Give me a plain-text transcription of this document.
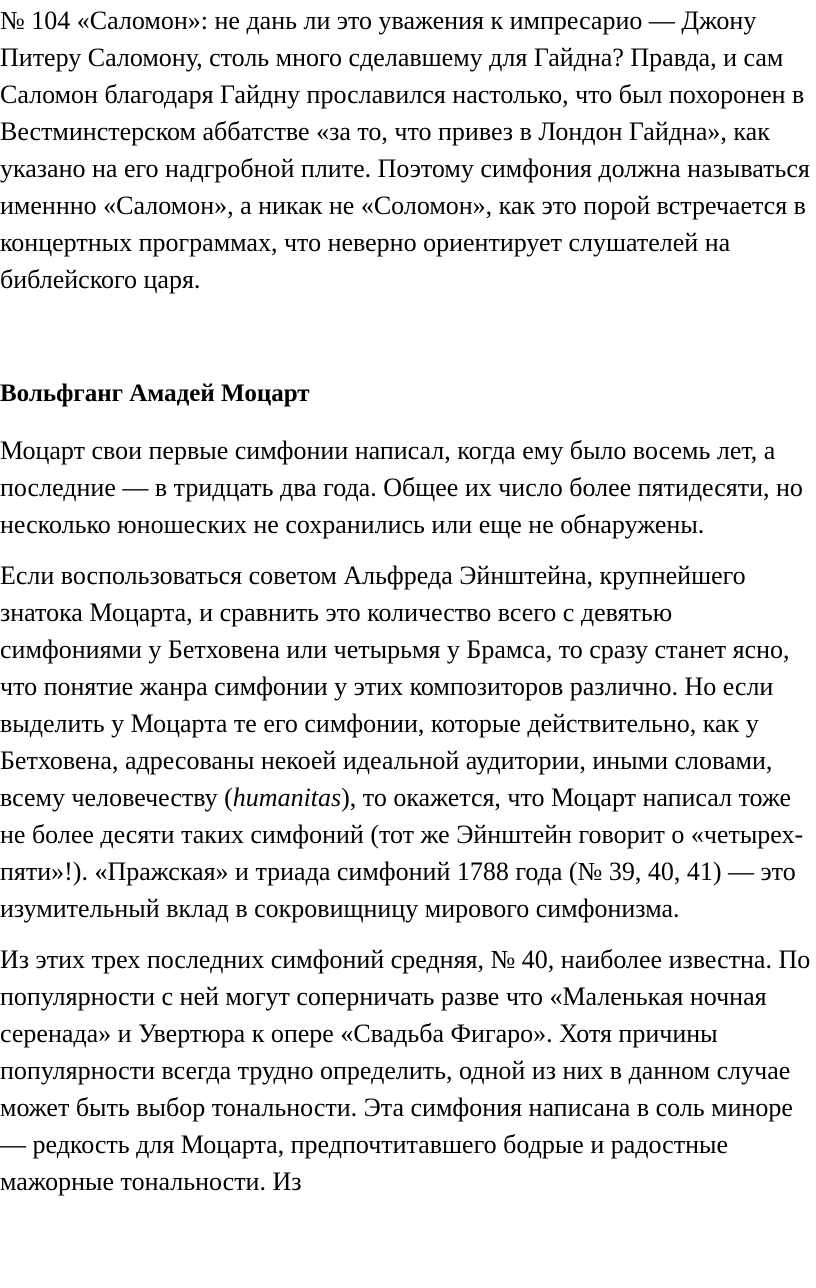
№ 104 «Саломон»: не дань ли это уважения к импресарио — Джону Питеру Саломону, столь много сделавшему для Гайдна? Правда, и сам Саломон благодаря Гайдну прославился настолько, что был похоронен в Вестминстерском аббатстве «за то, что привез в Лондон Гайдна», как указано на его надгробной плите. Поэтому симфония должна называться именнно «Саломон», а никак не «Соломон», как это порой встречается в концертных программах, что неверно ориентирует слушателей на библейского царя.

Вольфганг Амадей Моцарт

Моцарт свои первые симфонии написал, когда ему было восемь лет, а последние — в тридцать два года. Общее их число более пятидесяти, но несколько юношеских не сохранились или еще не обнаружены.

Если воспользоваться советом Альфреда Эйнштейна, крупнейшего знатока Моцарта, и сравнить это количество всего с девятью симфониями у Бетховена или четырьмя у Брамса, то сразу станет ясно, что понятие жанра симфонии у этих композиторов различно. Но если выделить у Моцарта те его симфонии, которые действительно, как у Бетховена, адресованы некоей идеальной аудитории, иными словами, всему человечеству (humanitas), то окажется, что Моцарт написал тоже не более десяти таких симфоний (тот же Эйнштейн говорит о «четырех-пяти»!). «Пражская» и триада симфоний 1788 года (№ 39, 40, 41) — это изумительный вклад в сокровищницу мирового симфонизма.

Из этих трех последних симфоний средняя, № 40, наиболее известна. По популярности с ней могут соперничать разве что «Маленькая ночная серенада» и Увертюра к опере «Свадьба Фигаро». Хотя причины популярности всегда трудно определить, одной из них в данном случае может быть выбор тональности. Эта симфония написана в соль миноре — редкость для Моцарта, предпочтитавшего бодрые и радостные мажорные тональности. Из
